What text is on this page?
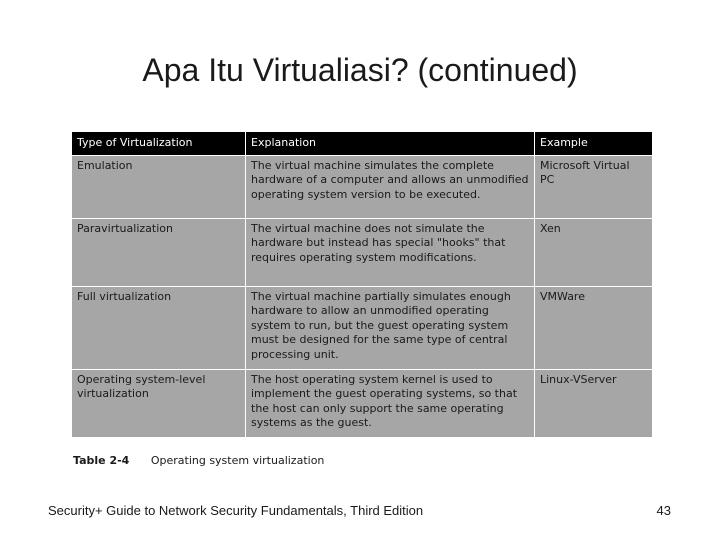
Apa Itu Virtualiasi? (continued)
Type of Virtualization	Explanation	Example
Emulation	The virtual machine simulates the complete hardware of a computer and allows an unmodified operating system version to be executed.	Microsoft Virtual PC
Paravirtualization	The virtual machine does not simulate the hardware but instead has special "hooks" that requires operating system modifications.	Xen
Full virtualization	The virtual machine partially simulates enough hardware to allow an unmodified operating system to run, but the guest operating system must be designed for the same type of central processing unit.	VMWare
Operating system-level virtualization	The host operating system kernel is used to implement the guest operating systems, so that the host can only support the same operating systems as the guest.	Linux-VServer
Table 2-4 Operating system virtualization
Security+ Guide to Network Security Fundamentals, Third Edition	43
